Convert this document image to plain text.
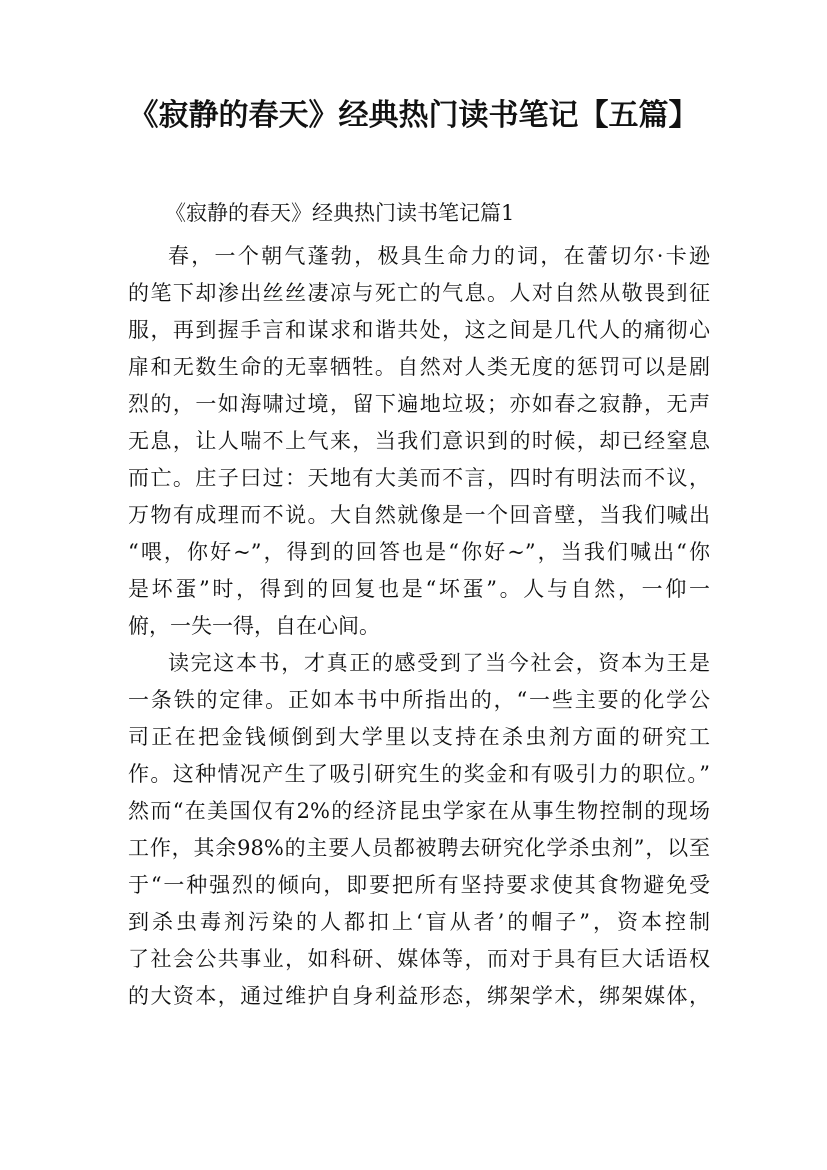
《寂静的春天》经典热门读书笔记【五篇】
《寂静的春天》经典热门读书笔记篇1
春，一个朝气蓬勃，极具生命力的词，在蕾切尔·卡逊
的笔下却渗出丝丝凄凉与死亡的气息。人对自然从敬畏到征
服，再到握手言和谋求和谐共处，这之间是几代人的痛彻心
扉和无数生命的无辜牺牲。自然对人类无度的惩罚可以是剧
烈的，一如海啸过境，留下遍地垃圾；亦如春之寂静，无声
无息，让人喘不上气来，当我们意识到的时候，却已经窒息
而亡。庄子曰过：天地有大美而不言，四时有明法而不议，
万物有成理而不说。大自然就像是一个回音壁，当我们喊出
“喂，你好~”，得到的回答也是“你好~”，当我们喊出“你
是坏蛋”时，得到的回复也是“坏蛋”。人与自然，一仰一
俯，一失一得，自在心间。
读完这本书，才真正的感受到了当今社会，资本为王是
一条铁的定律。正如本书中所指出的，“一些主要的化学公
司正在把金钱倾倒到大学里以支持在杀虫剂方面的研究工
作。这种情况产生了吸引研究生的奖金和有吸引力的职位。”
然而“在美国仅有2%的经济昆虫学家在从事生物控制的现场
工作，其余98%的主要人员都被聘去研究化学杀虫剂”，以至
于“一种强烈的倾向，即要把所有坚持要求使其食物避免受
到杀虫毒剂污染的人都扣上‘盲从者’的帽子”，资本控制
了社会公共事业，如科研、媒体等，而对于具有巨大话语权
的大资本，通过维护自身利益形态，绑架学术，绑架媒体，
